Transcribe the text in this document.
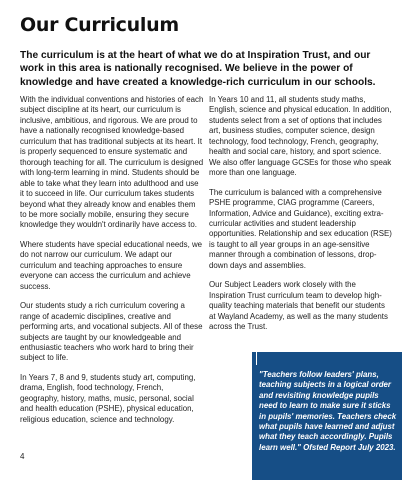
Our Curriculum

The curriculum is at the heart of what we do at Inspiration Trust, and our work in this area is nationally recognised. We believe in the power of knowledge and have created a knowledge-rich curriculum in our schools.

With the individual conventions and histories of each subject discipline at its heart, our curriculum is inclusive, ambitious, and rigorous. We are proud to have a nationally recognised knowledge-based curriculum that has traditional subjects at its heart. It is properly sequenced to ensure systematic and thorough teaching for all. The curriculum is designed with long-term learning in mind. Students should be able to take what they learn into adulthood and use it to succeed in life. Our curriculum takes students beyond what they already know and enables them to be more socially mobile, ensuring they secure knowledge they wouldn't ordinarily have access to.

Where students have special educational needs, we do not narrow our curriculum. We adapt our curriculum and teaching approaches to ensure everyone can access the curriculum and achieve success.

Our students study a rich curriculum covering a range of academic disciplines, creative and performing arts, and vocational subjects. All of these subjects are taught by our knowledgeable and enthusiastic teachers who work hard to bring their subject to life.

In Years 7, 8 and 9, students study art, computing, drama, English, food technology, French, geography, history, maths, music, personal, social and health education (PSHE), physical education, religious education, science and technology.

In Years 10 and 11, all students study maths, English, science and physical education. In addition, students select from a set of options that includes art, business studies, computer science, design technology, food technology, French, geography, health and social care, history, and sport science. We also offer language GCSEs for those who speak more than one language.

The curriculum is balanced with a comprehensive PSHE programme, CIAG programme (Careers, Information, Advice and Guidance), exciting extra-curricular activities and student leadership opportunities. Relationship and sex education (RSE) is taught to all year groups in an age-sensitive manner through a combination of lessons, drop-down days and assemblies.

Our Subject Leaders work closely with the Inspiration Trust curriculum team to develop high-quality teaching materials that benefit our students at Wayland Academy, as well as the many students across the Trust.

4

"Teachers follow leaders' plans, teaching subjects in a logical order and revisiting knowledge pupils need to learn to make sure it sticks in pupils' memories. Teachers check what pupils have learned and adjust what they teach accordingly. Pupils learn well." Ofsted Report July 2023.
